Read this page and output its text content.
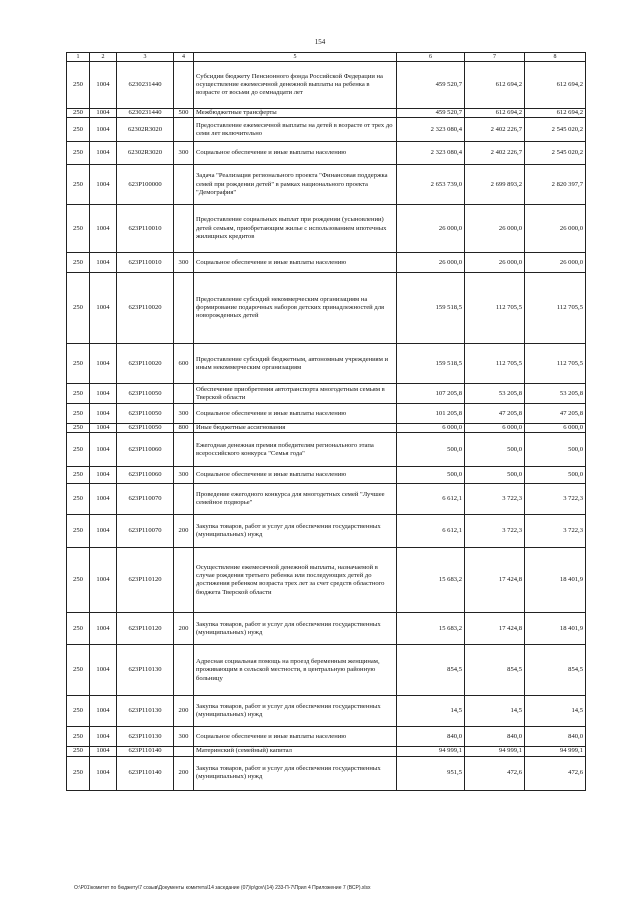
154
1	2	3	4	5	6	7	8
250	1004	6230231440		Субсидии бюджету Пенсионного фонда Российской Федерации на осуществление ежемесячной денежной выплаты на ребенка в возрасте от восьми до семнадцати лет	459 520,7	612 694,2	612 694,2
250	1004	6230231440	500	Межбюджетные трансферты	459 520,7	612 694,2	612 694,2
250	1004	62302R3020		Предоставление ежемесячной выплаты на детей в возрасте от трех до семи лет включительно	2 323 080,4	2 402 226,7	2 545 020,2
250	1004	62302R3020	300	Социальное обеспечение и иные выплаты населению	2 323 080,4	2 402 226,7	2 545 020,2
250	1004	623P100000		Задача "Реализация регионального проекта "Финансовая поддержка семей при рождении детей" в рамках национального проекта "Демография"	2 653 739,0	2 699 893,2	2 820 397,7
250	1004	623P110010		Предоставление социальных выплат при рождении (усыновлении) детей семьям, приобретающим жилье с использованием ипотечных жилищных кредитов	26 000,0	26 000,0	26 000,0
250	1004	623P110010	300	Социальное обеспечение и иные выплаты населению	26 000,0	26 000,0	26 000,0
250	1004	623P110020		Предоставление субсидий некоммерческим организациям на формирование подарочных наборов детских принадлежностей для новорожденных детей	159 518,5	112 705,5	112 705,5
250	1004	623P110020	600	Предоставление субсидий бюджетным, автономным учреждениям и иным некоммерческим организациям	159 518,5	112 705,5	112 705,5
250	1004	623P110050		Обеспечение приобретения автотранспорта многодетным семьям в Тверской области	107 205,8	53 205,8	53 205,8
250	1004	623P110050	300	Социальное обеспечение и иные выплаты населению	101 205,8	47 205,8	47 205,8
250	1004	623P110050	800	Иные бюджетные ассигнования	6 000,0	6 000,0	6 000,0
250	1004	623P110060		Ежегодная денежная премия победителям регионального этапа всероссийского конкурса "Семья года"	500,0	500,0	500,0
250	1004	623P110060	300	Социальное обеспечение и иные выплаты населению	500,0	500,0	500,0
250	1004	623P110070		Проведение ежегодного конкурса для многодетных семей "Лучшее семейное подворье"	6 612,1	3 722,3	3 722,3
250	1004	623P110070	200	Закупка товаров, работ и услуг для обеспечения государственных (муниципальных) нужд	6 612,1	3 722,3	3 722,3
250	1004	623P110120		Осуществление ежемесячной денежной выплаты, назначаемой в случае рождения третьего ребенка или последующих детей до достижения ребенком возраста трех лет за счет средств областного бюджета Тверской области	15 683,2	17 424,8	18 401,9
250	1004	623P110120	200	Закупка товаров, работ и услуг для обеспечения государственных (муниципальных) нужд	15 683,2	17 424,8	18 401,9
250	1004	623P110130		Адресная социальная помощь на проезд беременным женщинам, проживающим в сельской местности, в центральную районную больницу	854,5	854,5	854,5
250	1004	623P110130	200	Закупка товаров, работ и услуг для обеспечения государственных (муниципальных) нужд	14,5	14,5	14,5
250	1004	623P110130	300	Социальное обеспечение и иные выплаты населению	840,0	840,0	840,0
250	1004	623P110140		Материнский (семейный) капитал	94 999,1	94 999,1	94 999,1
250	1004	623P110140	200	Закупка товаров, работ и услуг для обеспечения государственных (муниципальных) нужд	951,5	472,6	472,6
O:\Р01\комитет по бюджету\7 созыв\Документы комитета\14 заседание (07)\p\gov\(14) 233-П-7\Прил 4 Приложение 7 (ВСР).xlsx
